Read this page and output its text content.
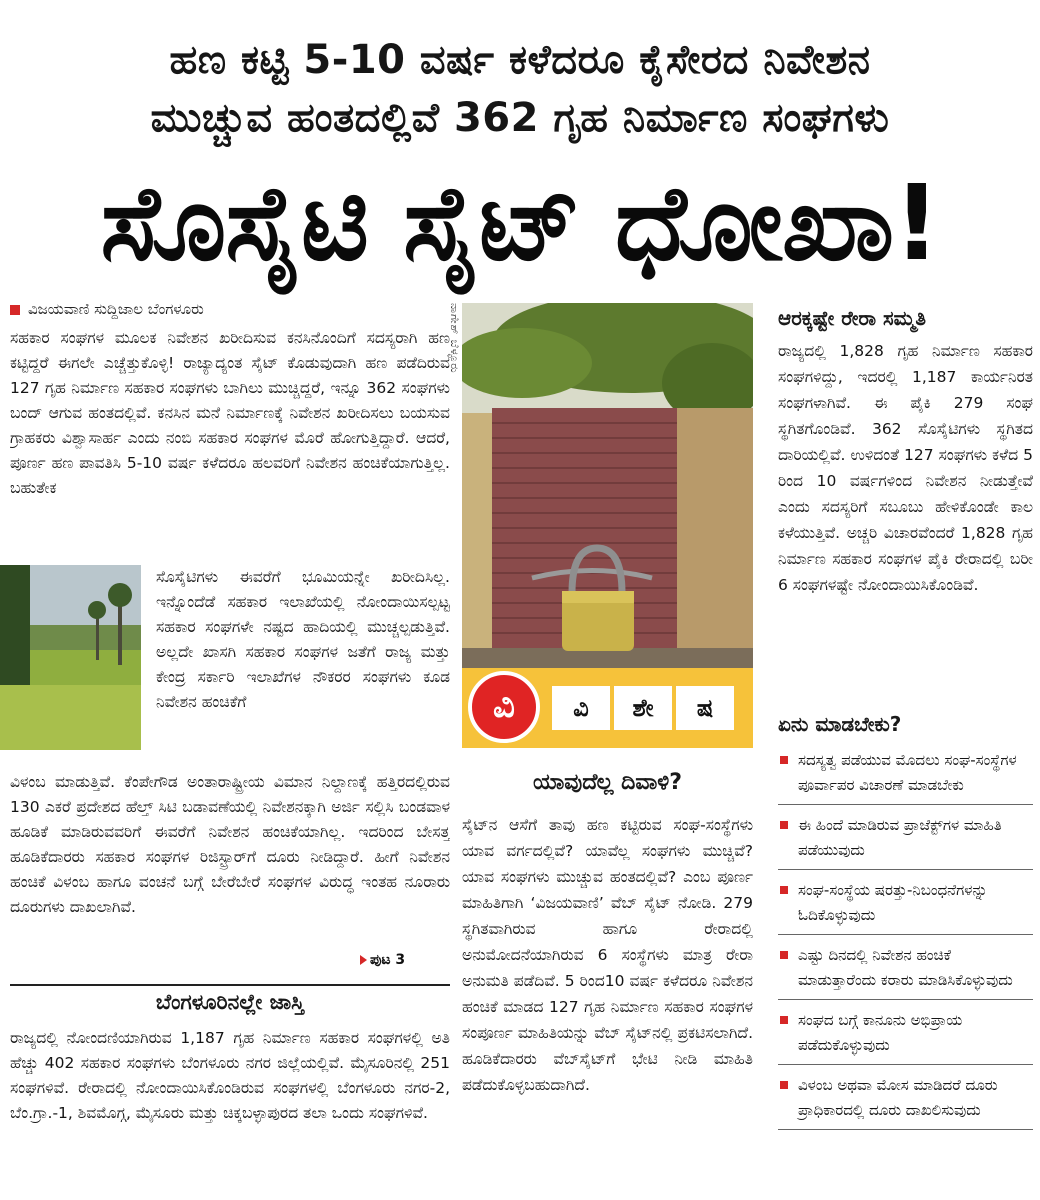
ಹಣ ಕಟ್ಟಿ 5-10 ವರ್ಷ ಕಳೆದರೂ ಕೈಸೇರದ ನಿವೇಶನ
ಮುಚ್ಚುವ ಹಂತದಲ್ಲಿವೆ 362 ಗೃಹ ನಿರ್ಮಾಣ ಸಂಘಗಳು
ಸೊಸೈಟಿ ಸೈಟ್ ಧೋಖಾ!
ವಿಜಯವಾಣಿ ಸುದ್ದಿಜಾಲ ಬೆಂಗಳೂರು

ಸಹಕಾರ ಸಂಘಗಳ ಮೂಲಕ ನಿವೇಶನ ಖರೀದಿಸುವ ಕನಸಿನೊಂದಿಗೆ ಸದಸ್ಯರಾಗಿ ಹಣ ಕಟ್ಟಿದ್ದರೆ ಈಗಲೇ ಎಚ್ಚೆತ್ತುಕೊಳ್ಳಿ! ರಾಜ್ಯಾದ್ಯಂತ ಸೈಟ್ ಕೊಡುವುದಾಗಿ ಹಣ ಪಡೆದಿರುವ 127 ಗೃಹ ನಿರ್ಮಾಣ ಸಹಕಾರ ಸಂಘಗಳು ಬಾಗಿಲು ಮುಚ್ಚಿದ್ದರೆ, ಇನ್ನೂ 362 ಸಂಘಗಳು ಬಂದ್ ಆಗುವ ಹಂತದಲ್ಲಿವೆ. ಕನಸಿನ ಮನೆ ನಿರ್ಮಾಣಕ್ಕೆ ನಿವೇಶನ ಖರೀದಿಸಲು ಬಯಸುವ ಗ್ರಾಹಕರು ವಿಶ್ವಾಸಾರ್ಹ ಎಂದು ನಂಬಿ ಸಹಕಾರ ಸಂಘಗಳ ಮೊರೆ ಹೋಗುತ್ತಿದ್ದಾರೆ. ಆದರೆ, ಪೂರ್ಣ ಹಣ ಪಾವತಿಸಿ 5-10 ವರ್ಷ ಕಳೆದರೂ ಹಲವರಿಗೆ ನಿವೇಶನ ಹಂಚಿಕೆಯಾಗುತ್ತಿಲ್ಲ. ಬಹುತೇಕ

ಸೊಸೈಟಿಗಳು ಈವರೆಗೆ ಭೂಮಿಯನ್ನೇ ಖರೀದಿಸಿಲ್ಲ. ಇನ್ನೊಂದೆಡೆ ಸಹಕಾರ ಇಲಾಖೆಯಲ್ಲಿ ನೋಂದಾಯಿಸಲ್ಪಟ್ಟ ಸಹಕಾರ ಸಂಘಗಳೇ ನಷ್ಟದ ಹಾದಿಯಲ್ಲಿ ಮುಚ್ಚಲ್ಪಡುತ್ತಿವೆ. ಅಲ್ಲದೇ ಖಾಸಗಿ ಸಹಕಾರ ಸಂಘಗಳ ಜತೆಗೆ ರಾಜ್ಯ ಮತ್ತು ಕೇಂದ್ರ ಸರ್ಕಾರಿ ಇಲಾಖೆಗಳ ನೌಕರರ ಸಂಘಗಳು ಕೂಡ ನಿವೇಶನ ಹಂಚಿಕೆಗೆ

ವಿಳಂಬ ಮಾಡುತ್ತಿವೆ. ಕೆಂಪೇಗೌಡ ಅಂತಾರಾಷ್ಟ್ರೀಯ ವಿಮಾನ ನಿಲ್ದಾಣಕ್ಕೆ ಹತ್ತಿರದಲ್ಲಿರುವ 130 ಎಕರೆ ಪ್ರದೇಶದ ಹೆಲ್ತ್ ಸಿಟಿ ಬಡಾವಣೆಯಲ್ಲಿ ನಿವೇಶನಕ್ಕಾಗಿ ಅರ್ಜಿ ಸಲ್ಲಿಸಿ ಬಂಡವಾಳ ಹೂಡಿಕೆ ಮಾಡಿರುವವರಿಗೆ ಈವರೆಗೆ ನಿವೇಶನ ಹಂಚಿಕೆಯಾಗಿಲ್ಲ. ಇದರಿಂದ ಬೇಸತ್ತ ಹೂಡಿಕೆದಾರರು ಸಹಕಾರ ಸಂಘಗಳ ರಿಜಿಸ್ಟ್ರಾರ್‌ಗೆ ದೂರು ನೀಡಿದ್ದಾರೆ. ಹೀಗೆ ನಿವೇಶನ ಹಂಚಿಕೆ ವಿಳಂಬ ಹಾಗೂ ವಂಚನೆ ಬಗ್ಗೆ ಬೇರೆಬೇರೆ ಸಂಘಗಳ ವಿರುದ್ಧ ಇಂತಹ ನೂರಾರು ದೂರುಗಳು ದಾಖಲಾಗಿವೆ.

ಪುಟ 3
ಬೆಂಗಳೂರಿನಲ್ಲೇ ಜಾಸ್ತಿ

ರಾಜ್ಯದಲ್ಲಿ ನೋಂದಣಿಯಾಗಿರುವ 1,187 ಗೃಹ ನಿರ್ಮಾಣ ಸಹಕಾರ ಸಂಘಗಳಲ್ಲಿ ಅತಿ ಹೆಚ್ಚು 402 ಸಹಕಾರ ಸಂಘಗಳು ಬೆಂಗಳೂರು ನಗರ ಜಿಲ್ಲೆಯಲ್ಲಿವೆ. ಮೈಸೂರಿನಲ್ಲಿ 251 ಸಂಘಗಳಿವೆ. ರೇರಾದಲ್ಲಿ ನೋಂದಾಯಿಸಿಕೊಂಡಿರುವ ಸಂಘಗಳಲ್ಲಿ ಬೆಂಗಳೂರು ನಗರ-2, ಬೆಂ.ಗ್ರಾ.-1, ಶಿವಮೊಗ್ಗ, ಮೈಸೂರು ಮತ್ತು ಚಿಕ್ಕಬಳ್ಳಾಪುರದ ತಲಾ ಒಂದು ಸಂಘಗಳಿವೆ.

ನಾಗೇಶ್ ಬೆಳ್ಳೂರು
ವಿ	ವಿ	ಶೇ	ಷ
ಯಾವುದೆಲ್ಲ ದಿವಾಳಿ?

ಸೈಟ್‌ನ ಆಸೆಗೆ ತಾವು ಹಣ ಕಟ್ಟಿರುವ ಸಂಘ-ಸಂಸ್ಥೆಗಳು ಯಾವ ವರ್ಗದಲ್ಲಿವೆ? ಯಾವೆಲ್ಲ ಸಂಘಗಳು ಮುಚ್ಚಿವೆ? ಯಾವ ಸಂಘಗಳು ಮುಚ್ಚುವ ಹಂತದಲ್ಲಿವೆ? ಎಂಬ ಪೂರ್ಣ ಮಾಹಿತಿಗಾಗಿ ‘ವಿಜಯವಾಣಿ’ ವೆಬ್ ಸೈಟ್ ನೋಡಿ. 279 ಸ್ಥಗಿತವಾಗಿರುವ ಹಾಗೂ ರೇರಾದಲ್ಲಿ ಅನುಮೋದನೆಯಾಗಿರುವ 6 ಸಂಸ್ಥೆಗಳು ಮಾತ್ರ ರೇರಾ ಅನುಮತಿ ಪಡೆದಿವೆ. 5 ರಿಂದ10 ವರ್ಷ ಕಳೆದರೂ ನಿವೇಶನ ಹಂಚಿಕೆ ಮಾಡದ 127 ಗೃಹ ನಿರ್ಮಾಣ ಸಹಕಾರ ಸಂಘಗಳ ಸಂಪೂರ್ಣ ಮಾಹಿತಿಯನ್ನು ವೆಬ್ ಸೈಟ್‌ನಲ್ಲಿ ಪ್ರಕಟಿಸಲಾಗಿದೆ. ಹೂಡಿಕೆದಾರರು ವೆಬ್‌ಸೈಟ್‌ಗೆ ಭೇಟಿ ನೀಡಿ ಮಾಹಿತಿ ಪಡೆದುಕೊಳ್ಳಬಹುದಾಗಿದೆ.

ಆರಕ್ಕಷ್ಟೇ ರೇರಾ ಸಮ್ಮತಿ

ರಾಜ್ಯದಲ್ಲಿ 1,828 ಗೃಹ ನಿರ್ಮಾಣ ಸಹಕಾರ ಸಂಘಗಳಿದ್ದು, ಇದರಲ್ಲಿ 1,187 ಕಾರ್ಯನಿರತ ಸಂಘಗಳಾಗಿವೆ. ಈ ಪೈಕಿ 279 ಸಂಘ ಸ್ಥಗಿತಗೊಂಡಿವೆ. 362 ಸೊಸೈಟಿಗಳು ಸ್ಥಗಿತದ ದಾರಿಯಲ್ಲಿವೆ. ಉಳಿದಂತೆ 127 ಸಂಘಗಳು ಕಳೆದ 5 ರಿಂದ 10 ವರ್ಷಗಳಿಂದ ನಿವೇಶನ ನೀಡುತ್ತೇವೆ ಎಂದು ಸದಸ್ಯರಿಗೆ ಸಬೂಬು ಹೇಳಿಕೊಂಡೇ ಕಾಲ ಕಳೆಯುತ್ತಿವೆ. ಅಚ್ಚರಿ ವಿಚಾರವೆಂದರೆ 1,828 ಗೃಹ ನಿರ್ಮಾಣ ಸಹಕಾರ ಸಂಘಗಳ ಪೈಕಿ ರೇರಾದಲ್ಲಿ ಬರೀ 6 ಸಂಘಗಳಷ್ಟೇ ನೋಂದಾಯಿಸಿಕೊಂಡಿವೆ.

ಏನು ಮಾಡಬೇಕು?
ಸದಸ್ಯತ್ವ ಪಡೆಯುವ ಮೊದಲು ಸಂಘ-ಸಂಸ್ಥೆಗಳ ಪೂರ್ವಾಪರ ವಿಚಾರಣೆ ಮಾಡಬೇಕು
ಈ ಹಿಂದೆ ಮಾಡಿರುವ ಪ್ರಾಜೆಕ್ಟ್‌ಗಳ ಮಾಹಿತಿ ಪಡೆಯುವುದು
ಸಂಘ-ಸಂಸ್ಥೆಯ ಷರತ್ತು-ನಿಬಂಧನೆಗಳನ್ನು ಓದಿಕೊಳ್ಳುವುದು
ಎಷ್ಟು ದಿನದಲ್ಲಿ ನಿವೇಶನ ಹಂಚಿಕೆ ಮಾಡುತ್ತಾರೆಂದು ಕರಾರು ಮಾಡಿಸಿಕೊಳ್ಳುವುದು
ಸಂಘದ ಬಗ್ಗೆ ಕಾನೂನು ಅಭಿಪ್ರಾಯ ಪಡೆದುಕೊಳ್ಳುವುದು
ವಿಳಂಬ ಅಥವಾ ಮೋಸ ಮಾಡಿದರೆ ದೂರು ಪ್ರಾಧಿಕಾರದಲ್ಲಿ ದೂರು ದಾಖಲಿಸುವುದು
